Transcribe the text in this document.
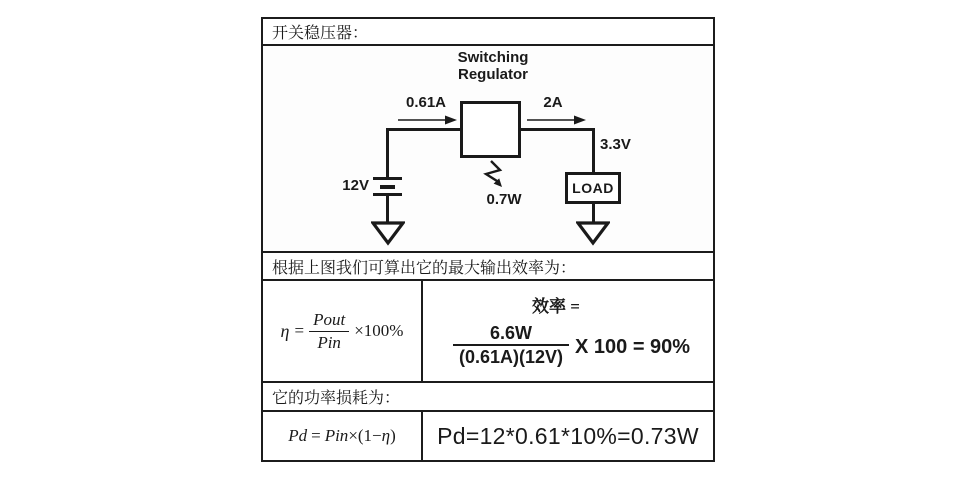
开关稳压器：
Switching
Regulator
0.61A	2A
12V
0.7W
3.3V
LOAD
根据上图我们可算出它的最大输出效率为：
$\eta = \frac{\text{Pout}}{\text{Pin}} \times 100\%$
效率 =
$\frac{6.6W}{(0.61A)(12V)}$ X 100 = 90%
它的功率损耗为：
Pd = Pin ×(1− η )	Pd=12*0.61*10%=0.73W
